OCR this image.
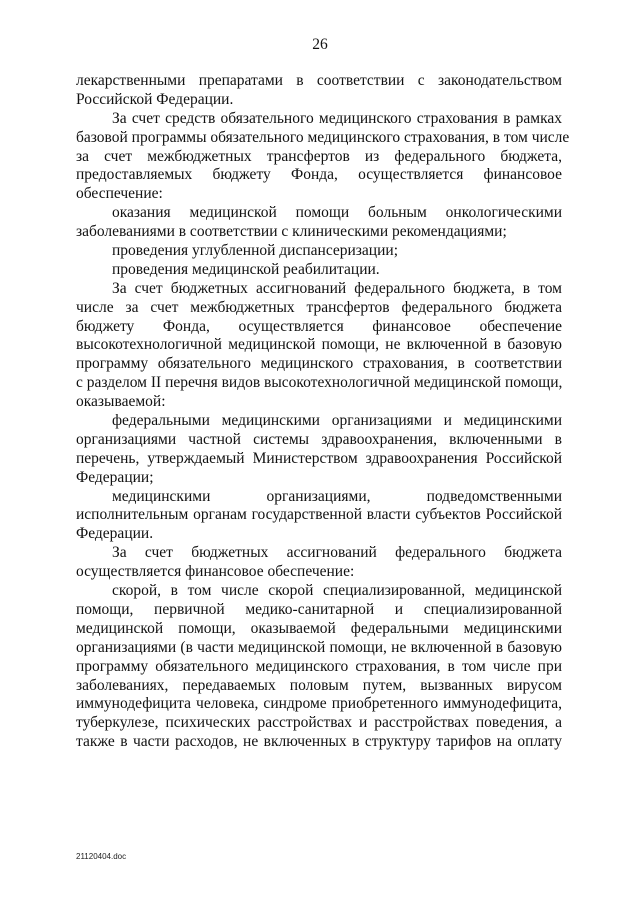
26
лекарственными препаратами в соответствии с законодательством
Российской Федерации.
За счет средств обязательного медицинского страхования в рамках
базовой программы обязательного медицинского страхования, в том числе
за счет межбюджетных трансфертов из федерального бюджета,
предоставляемых бюджету Фонда, осуществляется финансовое
обеспечение:
оказания медицинской помощи больным онкологическими
заболеваниями в соответствии с клиническими рекомендациями;
проведения углубленной диспансеризации;
проведения медицинской реабилитации.
За счет бюджетных ассигнований федерального бюджета, в том
числе за счет межбюджетных трансфертов федерального бюджета
бюджету Фонда, осуществляется финансовое обеспечение
высокотехнологичной медицинской помощи, не включенной в базовую
программу обязательного медицинского страхования, в соответствии
с разделом II перечня видов высокотехнологичной медицинской помощи,
оказываемой:
федеральными медицинскими организациями и медицинскими
организациями частной системы здравоохранения, включенными в
перечень, утверждаемый Министерством здравоохранения Российской
Федерации;
медицинскими организациями, подведомственными
исполнительным органам государственной власти субъектов Российской
Федерации.
За счет бюджетных ассигнований федерального бюджета
осуществляется финансовое обеспечение:
скорой, в том числе скорой специализированной, медицинской
помощи, первичной медико-санитарной и специализированной
медицинской помощи, оказываемой федеральными медицинскими
организациями (в части медицинской помощи, не включенной в базовую
программу обязательного медицинского страхования, в том числе при
заболеваниях, передаваемых половым путем, вызванных вирусом
иммунодефицита человека, синдроме приобретенного иммунодефицита,
туберкулезе, психических расстройствах и расстройствах поведения, а
также в части расходов, не включенных в структуру тарифов на оплату
21120404.doc
